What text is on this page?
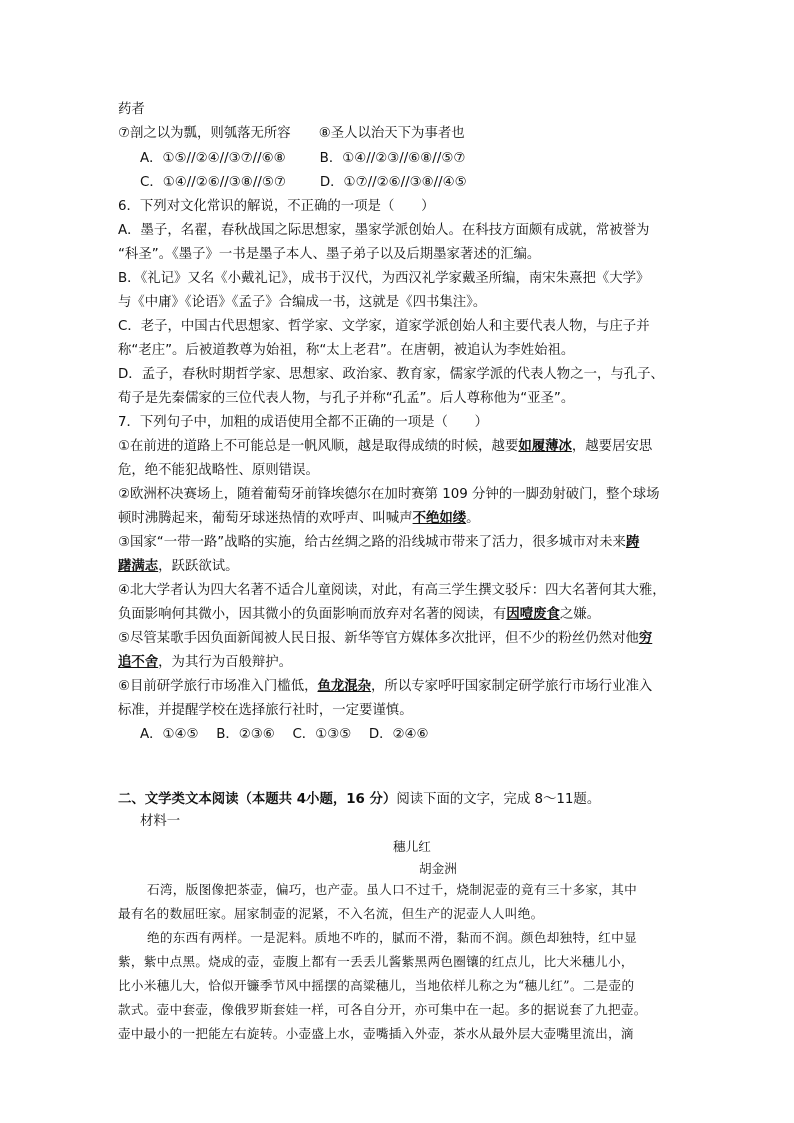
药者
⑦剖之以为瓢，则瓠落无所容 ⑧圣人以治天下为事者也
A．①⑤//②④//③⑦//⑥⑧	B．①④//②③//⑥⑧//⑤⑦
C．①④//②⑥//③⑧//⑤⑦	D．①⑦//②⑥//③⑧//④⑤
6．下列对文化常识的解说，不正确的一项是（　　）
A．墨子，名翟，春秋战国之际思想家，墨家学派创始人。在科技方面颇有成就，常被誉为
“科圣”。《墨子》一书是墨子本人、墨子弟子以及后期墨家著述的汇编。
B．《礼记》又名《小戴礼记》，成书于汉代，为西汉礼学家戴圣所编，南宋朱熹把《大学》
与《中庸》《论语》《孟子》合编成一书，这就是《四书集注》。
C．老子，中国古代思想家、哲学家、文学家，道家学派创始人和主要代表人物，与庄子并
称“老庄”。后被道教尊为始祖，称“太上老君”。在唐朝，被追认为李姓始祖。
D．孟子，春秋时期哲学家、思想家、政治家、教育家，儒家学派的代表人物之一，与孔子、
荀子是先秦儒家的三位代表人物，与孔子并称“孔孟”。后人尊称他为“亚圣”。
7．下列句子中，加粗的成语使用全都不正确的一项是（　　）
①在前进的道路上不可能总是一帆风顺，越是取得成绩的时候，越要如履薄冰，越要居安思
危，绝不能犯战略性、原则错误。
②欧洲杯决赛场上，随着葡萄牙前锋埃德尔在加时赛第 109 分钟的一脚劲射破门，整个球场
顿时沸腾起来，葡萄牙球迷热情的欢呼声、叫喊声不绝如缕。
③国家“一带一路”战略的实施，给古丝绸之路的沿线城市带来了活力，很多城市对未来踌
躇满志，跃跃欲试。
④北大学者认为四大名著不适合儿童阅读，对此，有高三学生撰文驳斥：四大名著何其大雅，
负面影响何其微小，因其微小的负面影响而放弃对名著的阅读，有因噎废食之嫌。
⑤尽管某歌手因负面新闻被人民日报、新华等官方媒体多次批评，但不少的粉丝仍然对他穷
追不舍，为其行为百般辩护。
⑥目前研学旅行市场准入门槛低，鱼龙混杂，所以专家呼吁国家制定研学旅行市场行业准入
标准，并提醒学校在选择旅行社时，一定要谨慎。
A．①④⑤　 B．②③⑥　 C．①③⑤　 D．②④⑥
二、文学类文本阅读（本题共 4小题，16 分）阅读下面的文字，完成 8～11题。
材料一
穗儿红
胡金洲
石湾，版图像把茶壶，偏巧，也产壶。虽人口不过千，烧制泥壶的竟有三十多家，其中
最有名的数屈旺家。屈家制壶的泥紧，不入名流，但生产的泥壶人人叫绝。
绝的东西有两样。一是泥料。质地不咋的，腻而不滑，黏而不润。颜色却独特，红中显
紫，紫中点黑。烧成的壶，壶腹上都有一丢丢儿酱紫黑两色圈镶的红点儿，比大米穗儿小，
比小米穗儿大，恰似开镰季节风中摇摆的高粱穗儿，当地依样儿称之为“穗儿红”。二是壶的
款式。壶中套壶，像俄罗斯套娃一样，可各自分开，亦可集中在一起。多的据说套了九把壶。
壶中最小的一把能左右旋转。小壶盛上水，壶嘴插入外壶，茶水从最外层大壶嘴里流出，滴
